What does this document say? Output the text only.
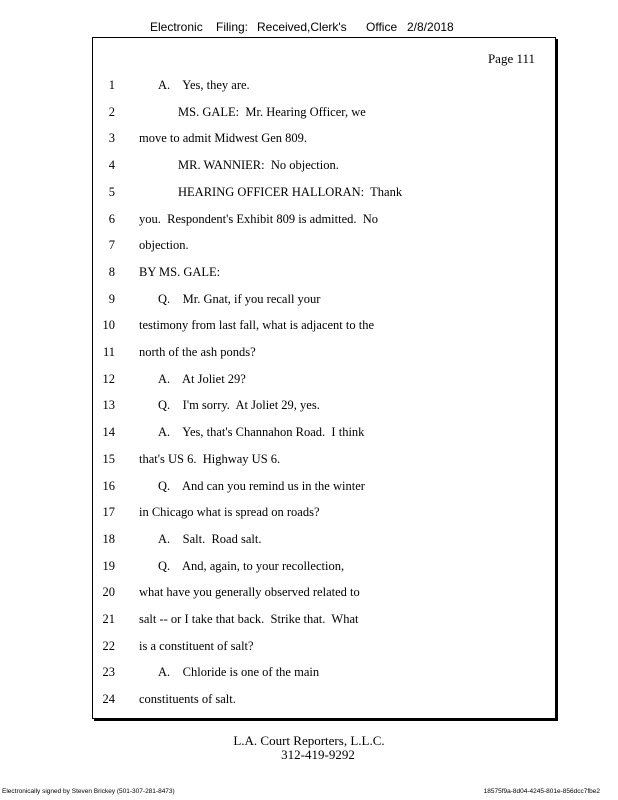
Electronic Filing: Received,Clerk's Office 2/8/2018
Page 111
1	A.    Yes, they are.
2	MS. GALE:  Mr. Hearing Officer, we
3 move to admit Midwest Gen 809.
4	MR. WANNIER:  No objection.
5	HEARING OFFICER HALLORAN:  Thank
6 you.  Respondent's Exhibit 809 is admitted.  No
7 objection.
8 BY MS. GALE:
9	Q.    Mr. Gnat, if you recall your
10 testimony from last fall, what is adjacent to the
11 north of the ash ponds?
12	A.    At Joliet 29?
13	Q.    I'm sorry.  At Joliet 29, yes.
14	A.    Yes, that's Channahon Road.  I think
15 that's US 6.  Highway US 6.
16	Q.    And can you remind us in the winter
17 in Chicago what is spread on roads?
18	A.    Salt.  Road salt.
19	Q.    And, again, to your recollection,
20 what have you generally observed related to
21 salt -- or I take that back.  Strike that.  What
22 is a constituent of salt?
23	A.    Chloride is one of the main
24 constituents of salt.
L.A. Court Reporters, L.L.C.
312-419-9292
Electronically signed by Steven Brickey (501-307-281-8473)	18575f9a-8d04-4245-801e-856dcc7fbe2
